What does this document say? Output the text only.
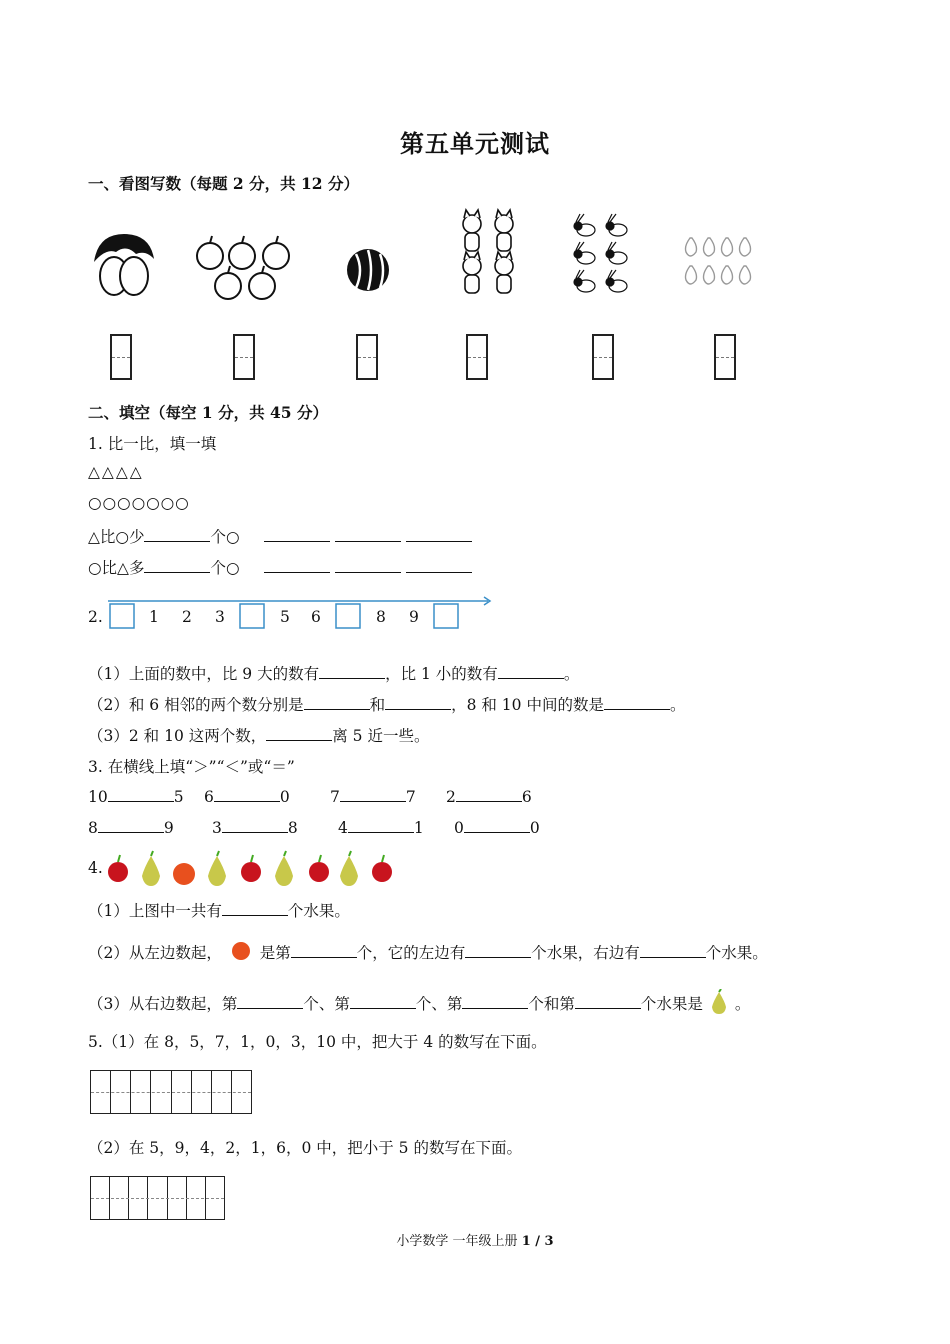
第五单元测试
一、看图写数（每题 2 分，共 12 分）
二、填空（每空 1 分，共 45 分）
1. 比一比，填一填
△△△△
○○○○○○○
△比○少	个○
○比△多	个○
2.	1 2 3	5 6	8 9
（1）上面的数中，比 9 大的数有	，比 1 小的数有	。
（2）和 6 相邻的两个数分别是	和	，8 和 10 中间的数是	。
（3）2 和 10 这两个数，	离 5 近一些。
3. 在横线上填“＞”“＜”或“＝”
10	5 6	0	7	7 2	6
8	9 3	8	4	1 0	0
4.
（1）上图中一共有	个水果。
（2）从左边数起， 是第	个，它的左边有	个水果，右边有	个水果。
（3）从右边数起，第	个、第	个、第	个和第	个水果是 。
5.（1）在 8，5，7，1，0，3，10 中，把大于 4 的数写在下面。
（2）在 5，9，4，2，1，6，0 中，把小于 5 的数写在下面。
小学数学 一年级上册 1 / 3
